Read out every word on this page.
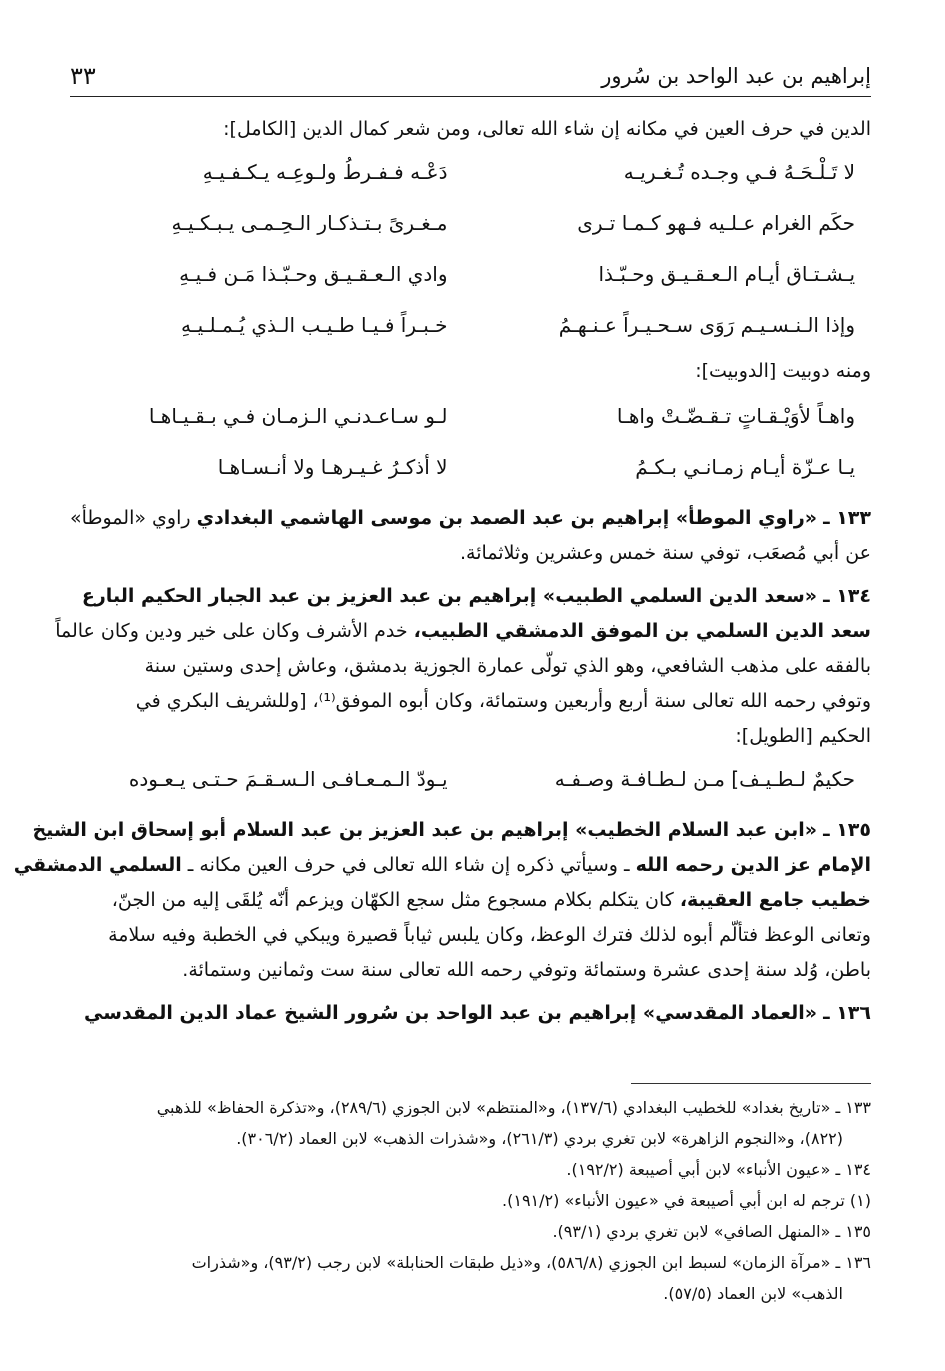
إبراهيم بن عبد الواحد بن سُرور
٣٣
الدين في حرف العين في مكانه إن شاء الله تعالى، ومن شعر كمال الدين [الكامل]:
لا تَـلْـحَـهُ فـي وجـده تُـغـريـه
دَعْـه فـفـرطُ ولـوعِـه يـكـفـيـهِ
حكَم الغرام عـلـيه فـهو كـمـا تـرى
مـغـرىً بـتـذكـار الـحِـمـى يـبـكـيـهِ
يـشـتـاق أيـام الـعـقـيـق وحـبّـذا
وادي الـعـقـيـق وحـبّـذا مَـن فـيـهِ
وإذا الـنـسـيـم رَوَى سـحـيـراً عـنـهـمُ
خـبـراً فـيـا طـيـب الـذي يُـمـلـيـهِ
ومنه دوبيت [الدوبيت]:
واهـاً لأوَيْـقـاتٍ تـقـضّـتْ واهـا
لـو سـاعـدنـي الـزمـان فـي بـقـيـاهـا
يـا عـزّة أيـام زمـانـي بـكـمُ
لا أذكـرُ غـيـرهـا ولا أنـسـاهـا
١٣٣ ـ «راوي الموطأ» إبراهيم بن عبد الصمد بن موسى الهاشمي البغدادي راوي «الموطأ»
عن أبي مُصعَب، توفي سنة خمس وعشرين وثلاثمائة.
١٣٤ ـ «سعد الدين السلمي الطبيب» إبراهيم بن عبد العزيز بن عبد الجبار الحكيم البارع
سعد الدين السلمي بن الموفق الدمشقي الطبيب، خدم الأشرف وكان على خير ودين وكان عالماً
بالفقه على مذهب الشافعي، وهو الذي تولّى عمارة الجوزية بدمشق، وعاش إحدى وستين سنة
وتوفي رحمه الله تعالى سنة أربع وأربعين وستمائة، وكان أبوه الموفق⁽¹⁾، [وللشريف البكري في
الحكيم [الطويل]:
حكيمٌ لـطـيـف] مـن لـطـافـة وصـفـه
يـودّ الـمـعـافـى الـسـقـمَ حـتـى يـعـوده
١٣٥ ـ «ابن عبد السلام الخطيب» إبراهيم بن عبد العزيز بن عبد السلام أبو إسحاق ابن الشيخ
الإمام عز الدين رحمه الله ـ وسيأتي ذكره إن شاء الله تعالى في حرف العين مكانه ـ السلمي الدمشقي
خطيب جامع العقيبة، كان يتكلم بكلام مسجوع مثل سجع الكهّان ويزعم أنّه يُلقَى إليه من الجنّ،
وتعانى الوعظ فتألّم أبوه لذلك فترك الوعظ، وكان يلبس ثياباً قصيرة ويبكي في الخطبة وفيه سلامة
باطن، وُلد سنة إحدى عشرة وستمائة وتوفي رحمه الله تعالى سنة ست وثمانين وستمائة.
١٣٦ ـ «العماد المقدسي» إبراهيم بن عبد الواحد بن سُرور الشيخ عماد الدين المقدسي
١٣٣ ـ «تاريخ بغداد» للخطيب البغدادي (١٣٧/٦)، و«المنتظم» لابن الجوزي (٢٨٩/٦)، و«تذكرة الحفاظ» للذهبي
(٨٢٢)، و«النجوم الزاهرة» لابن تغري بردي (٢٦١/٣)، و«شذرات الذهب» لابن العماد (٣٠٦/٢).
١٣٤ ـ «عيون الأنباء» لابن أبي أصيبعة (١٩٢/٢).
(١) ترجم له ابن أبي أصيبعة في «عيون الأنباء» (١٩١/٢).
١٣٥ ـ «المنهل الصافي» لابن تغري بردي (٩٣/١).
١٣٦ ـ «مرآة الزمان» لسبط ابن الجوزي (٥٨٦/٨)، و«ذيل طبقات الحنابلة» لابن رجب (٩٣/٢)، و«شذرات
الذهب» لابن العماد (٥٧/٥).
